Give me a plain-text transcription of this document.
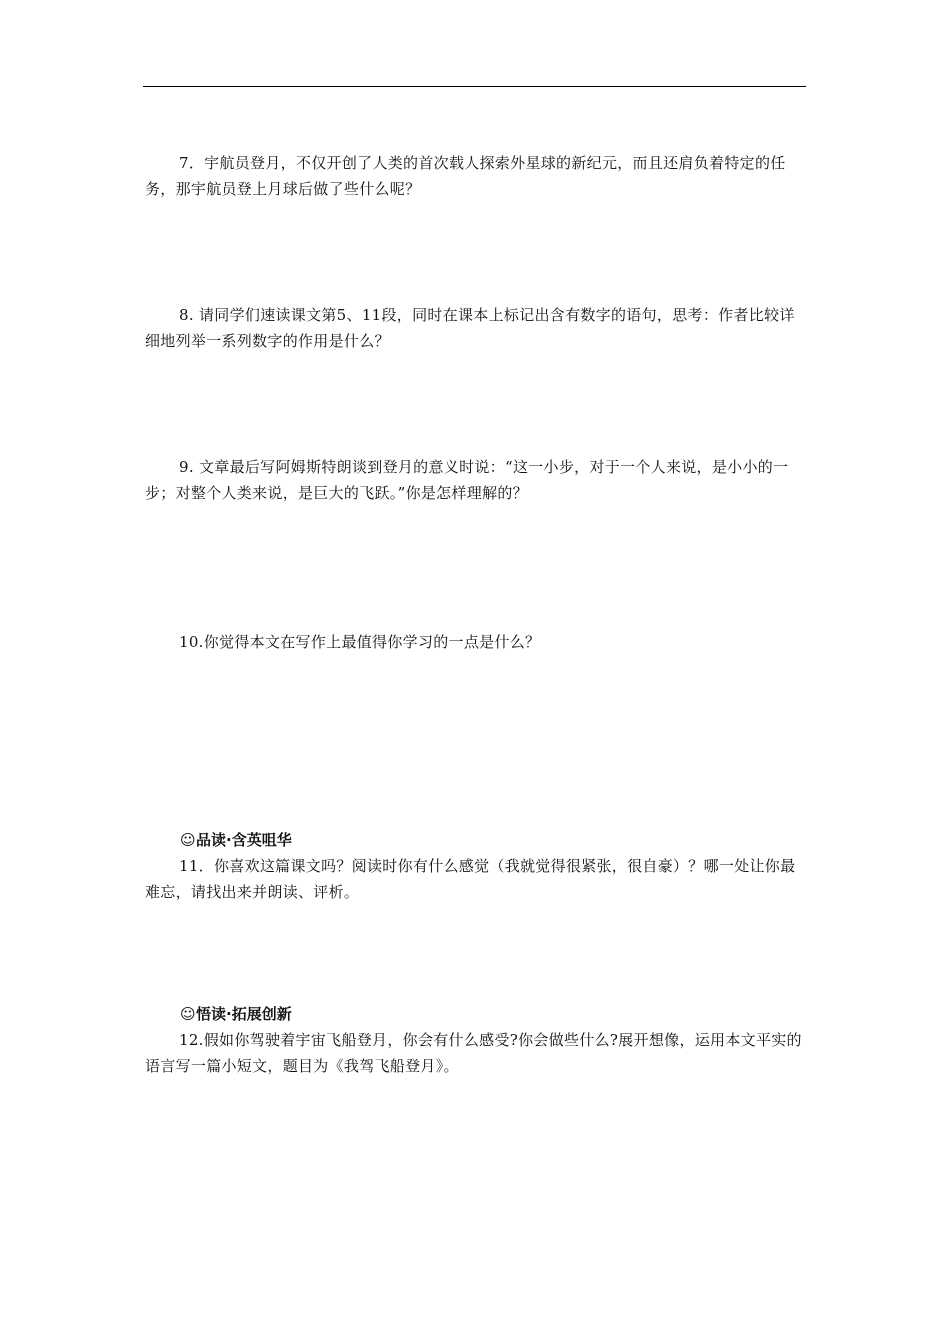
7．宇航员登月，不仅开创了人类的首次载人探索外星球的新纪元，而且还肩负着特定的任务，那宇航员登上月球后做了些什么呢？

8. 请同学们速读课文第5、11段，同时在课本上标记出含有数字的语句，思考：作者比较详细地列举一系列数字的作用是什么？

9. 文章最后写阿姆斯特朗谈到登月的意义时说：“这一小步，对于一个人来说，是小小的一步；对整个人类来说，是巨大的飞跃。”你是怎样理解的？

10.你觉得本文在写作上最值得你学习的一点是什么？

☺品读·含英咀华

11．你喜欢这篇课文吗？阅读时你有什么感觉（我就觉得很紧张，很自豪）？哪一处让你最难忘，请找出来并朗读、评析。

☺悟读·拓展创新

12.假如你驾驶着宇宙飞船登月，你会有什么感受?你会做些什么?展开想像，运用本文平实的语言写一篇小短文，题目为《我驾飞船登月》。
